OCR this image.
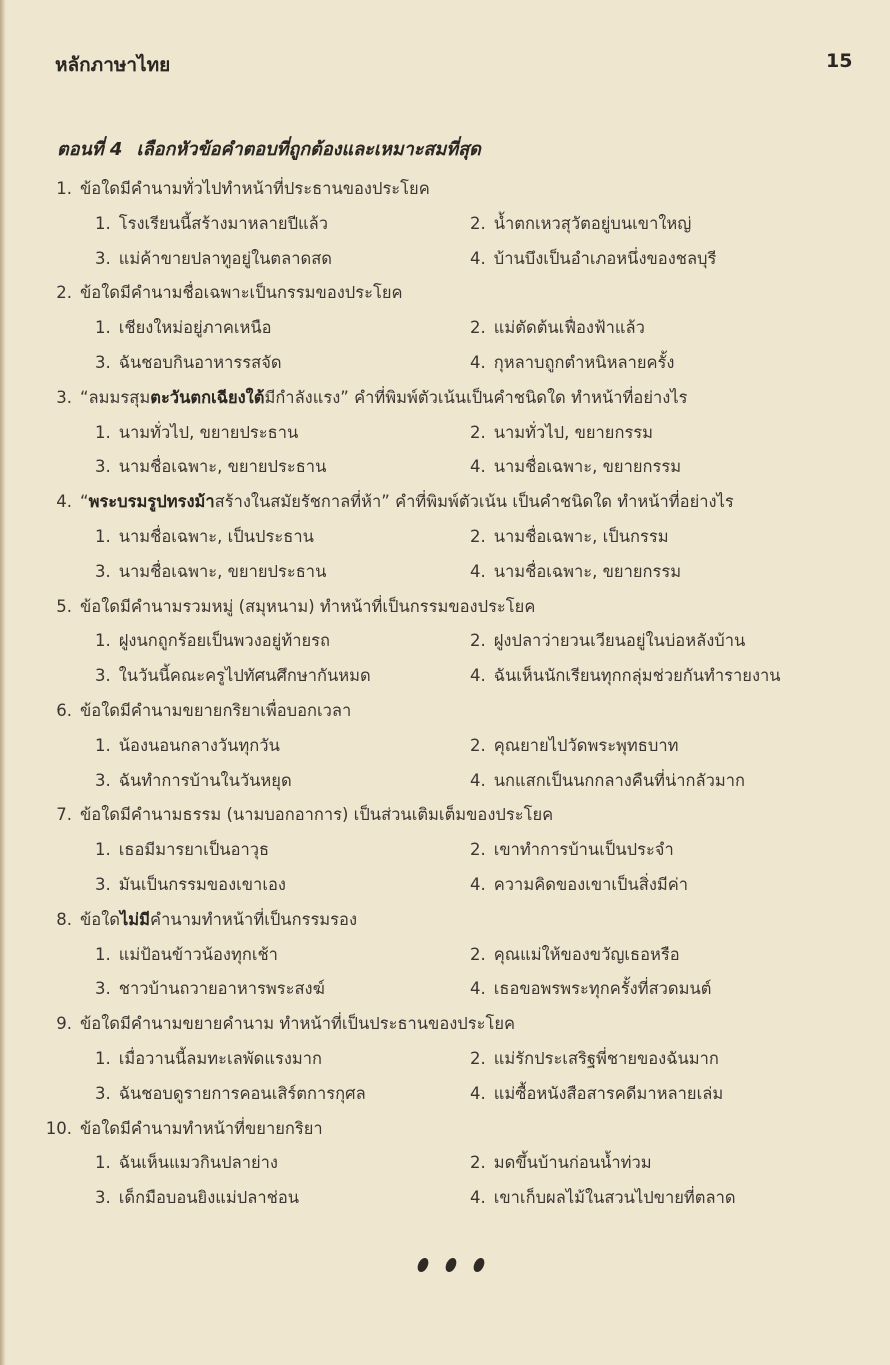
หลักภาษาไทย	15
ตอนที่ 4 เลือกหัวข้อคำตอบที่ถูกต้องและเหมาะสมที่สุด
1. ข้อใดมีคำนามทั่วไปทำหน้าที่ประธานของประโยค
1. โรงเรียนนี้สร้างมาหลายปีแล้ว	2. น้ำตกเหวสุวัตอยู่บนเขาใหญ่
3. แม่ค้าขายปลาทูอยู่ในตลาดสด	4. บ้านบึงเป็นอำเภอหนึ่งของชลบุรี
2. ข้อใดมีคำนามชื่อเฉพาะเป็นกรรมของประโยค
1. เชียงใหม่อยู่ภาคเหนือ	2. แม่ตัดต้นเฟื่องฟ้าแล้ว
3. ฉันชอบกินอาหารรสจัด	4. กุหลาบถูกตำหนิหลายครั้ง
3. “ลมมรสุมตะวันตกเฉียงใต้มีกำลังแรง” คำที่พิมพ์ตัวเน้นเป็นคำชนิดใด ทำหน้าที่อย่างไร
1. นามทั่วไป, ขยายประธาน	2. นามทั่วไป, ขยายกรรม
3. นามชื่อเฉพาะ, ขยายประธาน	4. นามชื่อเฉพาะ, ขยายกรรม
4. “พระบรมรูปทรงม้าสร้างในสมัยรัชกาลที่ห้า” คำที่พิมพ์ตัวเน้น เป็นคำชนิดใด ทำหน้าที่อย่างไร
1. นามชื่อเฉพาะ, เป็นประธาน	2. นามชื่อเฉพาะ, เป็นกรรม
3. นามชื่อเฉพาะ, ขยายประธาน	4. นามชื่อเฉพาะ, ขยายกรรม
5. ข้อใดมีคำนามรวมหมู่ (สมุหนาม) ทำหน้าที่เป็นกรรมของประโยค
1. ฝูงนกถูกร้อยเป็นพวงอยู่ท้ายรถ	2. ฝูงปลาว่ายวนเวียนอยู่ในบ่อหลังบ้าน
3. ในวันนี้คณะครูไปทัศนศึกษากันหมด	4. ฉันเห็นนักเรียนทุกกลุ่มช่วยกันทำรายงาน
6. ข้อใดมีคำนามขยายกริยาเพื่อบอกเวลา
1. น้องนอนกลางวันทุกวัน	2. คุณยายไปวัดพระพุทธบาท
3. ฉันทำการบ้านในวันหยุด	4. นกแสกเป็นนกกลางคืนที่น่ากลัวมาก
7. ข้อใดมีคำนามธรรม (นามบอกอาการ) เป็นส่วนเติมเต็มของประโยค
1. เธอมีมารยาเป็นอาวุธ	2. เขาทำการบ้านเป็นประจำ
3. มันเป็นกรรมของเขาเอง	4. ความคิดของเขาเป็นสิ่งมีค่า
8. ข้อใดไม่มีคำนามทำหน้าที่เป็นกรรมรอง
1. แม่ป้อนข้าวน้องทุกเช้า	2. คุณแม่ให้ของขวัญเธอหรือ
3. ชาวบ้านถวายอาหารพระสงฆ์	4. เธอขอพรพระทุกครั้งที่สวดมนต์
9. ข้อใดมีคำนามขยายคำนาม ทำหน้าที่เป็นประธานของประโยค
1. เมื่อวานนี้ลมทะเลพัดแรงมาก	2. แม่รักประเสริฐพี่ชายของฉันมาก
3. ฉันชอบดูรายการคอนเสิร์ตการกุศล	4. แม่ซื้อหนังสือสารคดีมาหลายเล่ม
10. ข้อใดมีคำนามทำหน้าที่ขยายกริยา
1. ฉันเห็นแมวกินปลาย่าง	2. มดขึ้นบ้านก่อนน้ำท่วม
3. เด็กมือบอนยิงแม่ปลาช่อน	4. เขาเก็บผลไม้ในสวนไปขายที่ตลาด
